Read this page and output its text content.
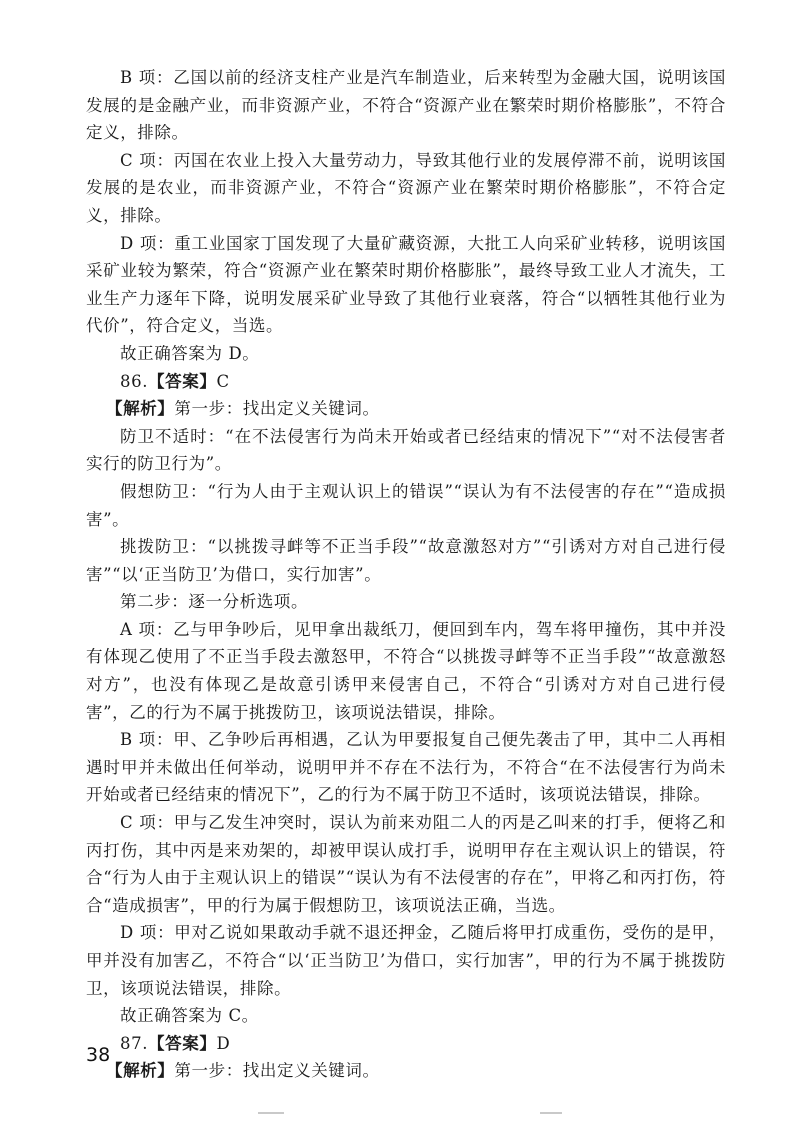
B 项：乙国以前的经济支柱产业是汽车制造业，后来转型为金融大国，说明该国发展的是金融产业，而非资源产业，不符合“资源产业在繁荣时期价格膨胀”，不符合定义，排除。

C 项：丙国在农业上投入大量劳动力，导致其他行业的发展停滞不前，说明该国发展的是农业，而非资源产业，不符合“资源产业在繁荣时期价格膨胀”，不符合定义，排除。

D 项：重工业国家丁国发现了大量矿藏资源，大批工人向采矿业转移，说明该国采矿业较为繁荣，符合“资源产业在繁荣时期价格膨胀”，最终导致工业人才流失，工业生产力逐年下降，说明发展采矿业导致了其他行业衰落，符合“以牺牲其他行业为代价”，符合定义，当选。

故正确答案为 D。

86.【答案】C

【解析】第一步：找出定义关键词。

防卫不适时：“在不法侵害行为尚未开始或者已经结束的情况下”“对不法侵害者实行的防卫行为”。

假想防卫：“行为人由于主观认识上的错误”“误认为有不法侵害的存在”“造成损害”。

挑拨防卫：“以挑拨寻衅等不正当手段”“故意激怒对方”“引诱对方对自己进行侵害”“以‘正当防卫’为借口，实行加害”。

第二步：逐一分析选项。

A 项：乙与甲争吵后，见甲拿出裁纸刀，便回到车内，驾车将甲撞伤，其中并没有体现乙使用了不正当手段去激怒甲，不符合“以挑拨寻衅等不正当手段”“故意激怒对方”，也没有体现乙是故意引诱甲来侵害自己，不符合“引诱对方对自己进行侵害”，乙的行为不属于挑拨防卫，该项说法错误，排除。

B 项：甲、乙争吵后再相遇，乙认为甲要报复自己便先袭击了甲，其中二人再相遇时甲并未做出任何举动，说明甲并不存在不法行为，不符合“在不法侵害行为尚未开始或者已经结束的情况下”，乙的行为不属于防卫不适时，该项说法错误，排除。

C 项：甲与乙发生冲突时，误认为前来劝阻二人的丙是乙叫来的打手，便将乙和丙打伤，其中丙是来劝架的，却被甲误认成打手，说明甲存在主观认识上的错误，符合“行为人由于主观认识上的错误”“误认为有不法侵害的存在”，甲将乙和丙打伤，符合“造成损害”，甲的行为属于假想防卫，该项说法正确，当选。

D 项：甲对乙说如果敢动手就不退还押金，乙随后将甲打成重伤，受伤的是甲，甲并没有加害乙，不符合“以‘正当防卫’为借口，实行加害”，甲的行为不属于挑拨防卫，该项说法错误，排除。

故正确答案为 C。

87.【答案】D

【解析】第一步：找出定义关键词。

38
